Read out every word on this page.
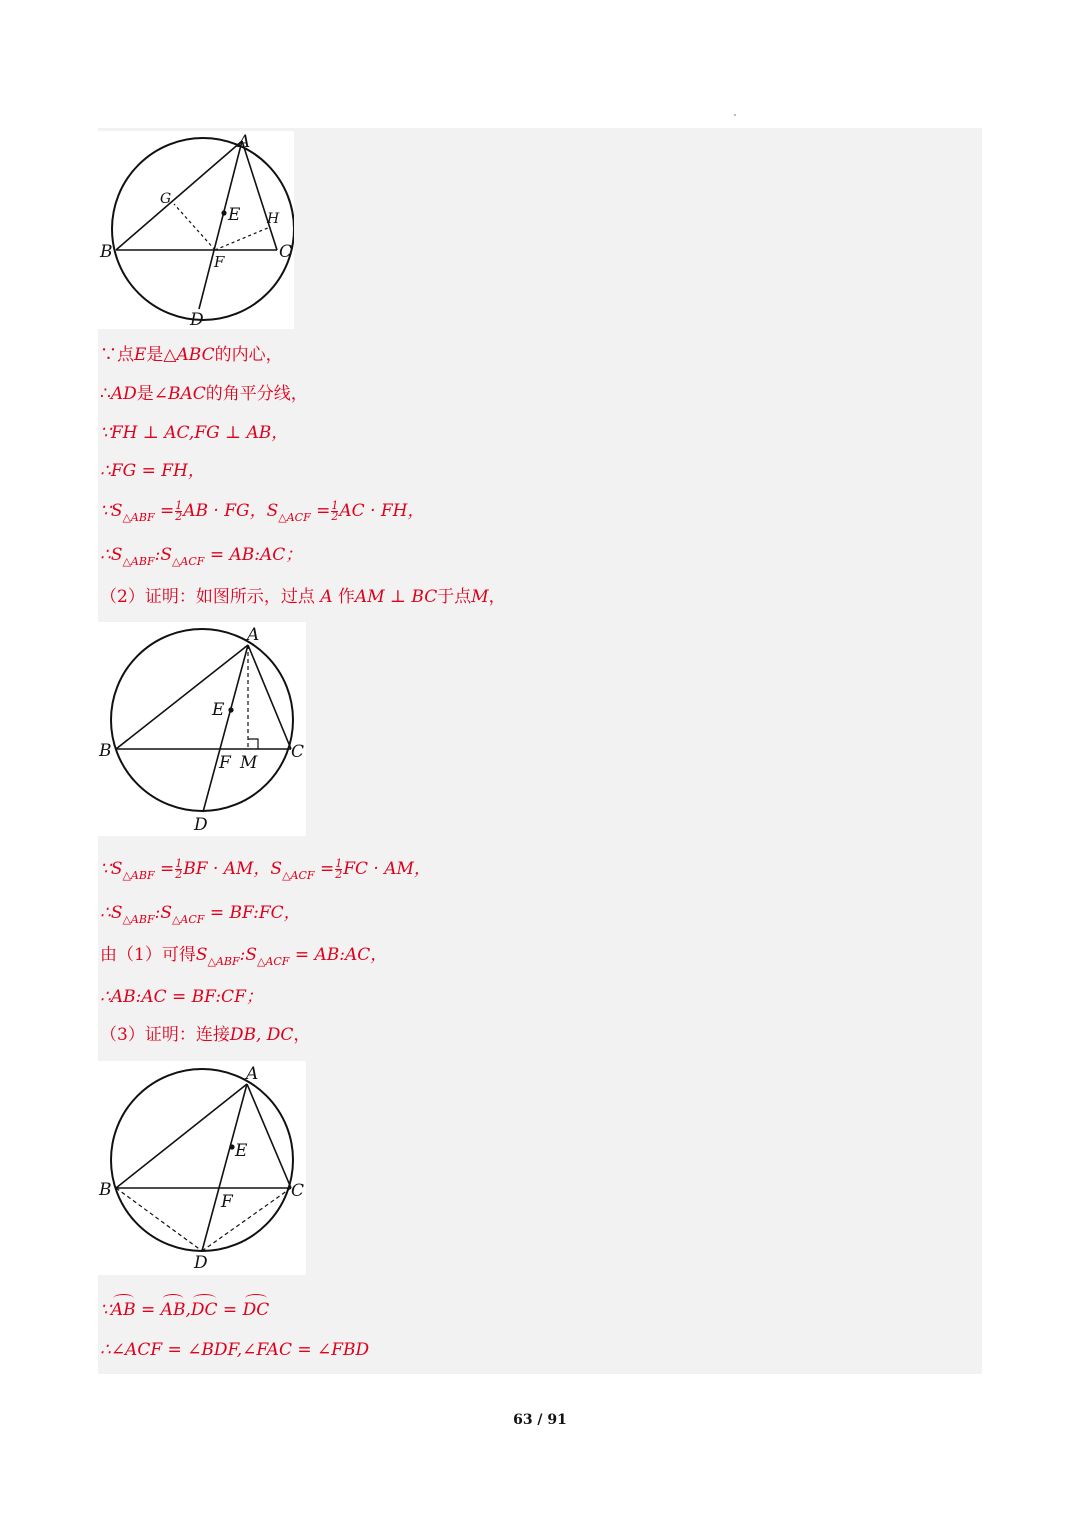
A
B	C
D
E
F
G
H
∵点E是△ABC的内心，
∴AD是∠BAC的角平分线，
∵FH ⊥ AC,FG ⊥ AB，
∴FG = FH，
$\because S_{\triangle ABF} = \frac{1}{2}$ AB · FG，$S_{\triangle ACF} = \frac{1}{2}$ AC · FH，
$\therefore S_{\triangle ABF}:S_{\triangle ACF}$ = AB:AC；
（2）证明：如图所示，过点 A 作AM ⊥ BC于点M，
A
B	C
D
E
F M
$\because S_{\triangle ABF} = \frac{1}{2}$ BF · AM，$S_{\triangle ACF} = \frac{1}{2}$ FC · AM，
$\therefore S_{\triangle ABF}:S_{\triangle ACF}$ = BF:FC，
由（1）可得$S_{\triangle ABF}:S_{\triangle ACF}$ = AB:AC，
∴AB:AC = BF:CF；
（3）证明：连接DB, DC，
A
B	C
D
E
F
∵AB = AB,DC = DC
∴∠ACF = ∠BDF,∠FAC = ∠FBD
63 / 91
